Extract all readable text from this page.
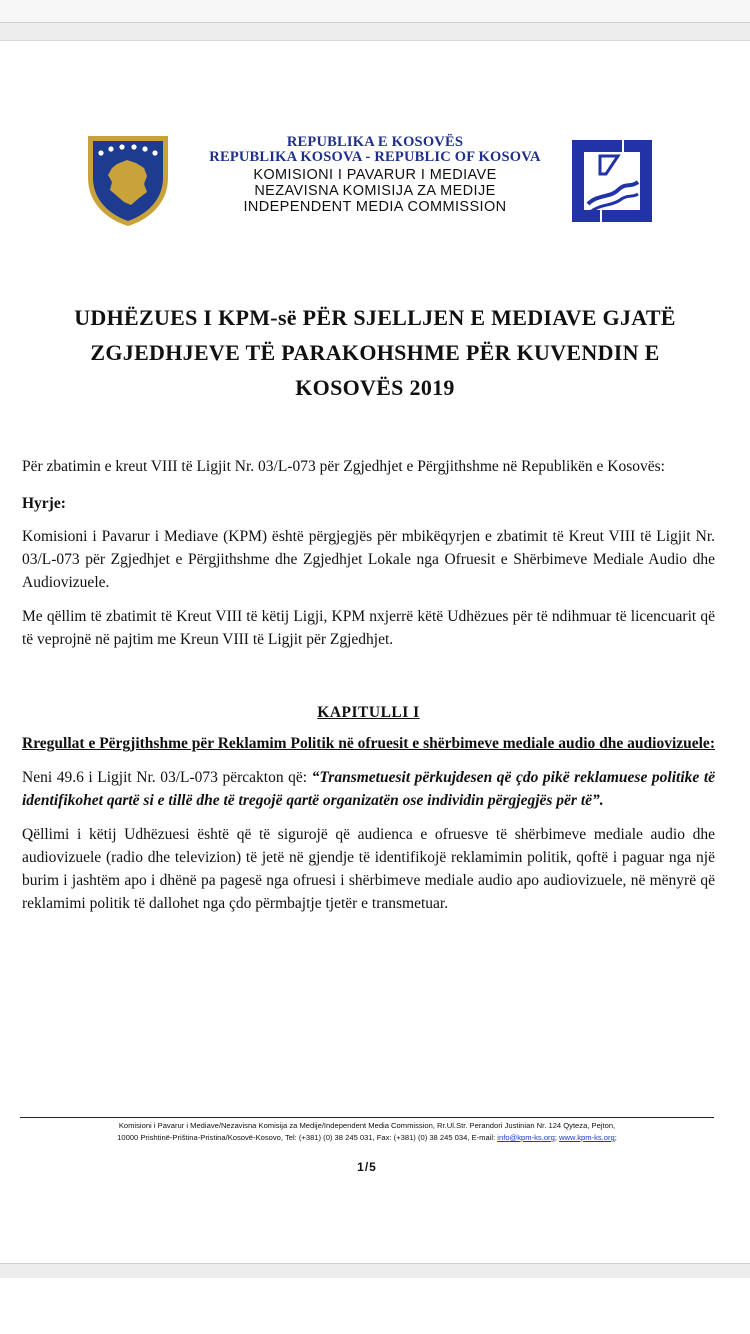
REPUBLIKA E KOSOVËS
REPUBLIKA KOSOVA - REPUBLIC OF KOSOVA
KOMISIONI I PAVARUR I MEDIAVE
NEZAVISNA KOMISIJA ZA MEDIJE
INDEPENDENT MEDIA COMMISSION
UDHËZUES I KPM-së PËR SJELLJEN E MEDIAVE GJATË
ZGJEDHJEVE TË PARAKOHSHME PËR KUVENDIN E
KOSOVËS 2019

Për zbatimin e kreut VIII të Ligjit Nr. 03/L-073 për Zgjedhjet e Përgjithshme në Republikën e Kosovës:

Hyrje:

Komisioni i Pavarur i Mediave (KPM) është përgjegjës për mbikëqyrjen e zbatimit të Kreut VIII të Ligjit Nr. 03/L-073 për Zgjedhjet e Përgjithshme dhe Zgjedhjet Lokale nga Ofruesit e Shërbimeve Mediale Audio dhe Audiovizuele.

Me qëllim të zbatimit të Kreut VIII të këtij Ligji, KPM nxjerrë këtë Udhëzues për të ndihmuar të licencuarit që të veprojnë në pajtim me Kreun VIII të Ligjit për Zgjedhjet.

KAPITULLI I

Rregullat e Përgjithshme për Reklamim Politik në ofruesit e shërbimeve mediale audio dhe audiovizuele:

Neni 49.6 i Ligjit Nr. 03/L-073 përcakton që: “Transmetuesit përkujdesen që çdo pikë reklamuese politike të identifikohet qartë si e tillë dhe të tregojë qartë organizatën ose individin përgjegjës për të”.

Qëllimi i këtij Udhëzuesi është që të sigurojë që audienca e ofruesve të shërbimeve mediale audio dhe audiovizuele (radio dhe televizion) të jetë në gjendje të identifikojë reklamimin politik, qoftë i paguar nga një burim i jashtëm apo i dhënë pa pagesë nga ofruesi i shërbimeve mediale audio apo audiovizuele, në mënyrë që reklamimi politik të dallohet nga çdo përmbajtje tjetër e transmetuar.

Komisioni i Pavarur i Mediave/Nezavisna Komisija za Medije/Independent Media Commission, Rr.Ul.Str. Perandori Justinian Nr. 124 Qyteza, Pejton,
10000 Prishtinë-Priština-Pristina/Kosovë-Kosovo, Tel: (+381) (0) 38 245 031, Fax: (+381) (0) 38 245 034, E-mail: info@kpm-ks.org; www.kpm-ks.org;

1/5
